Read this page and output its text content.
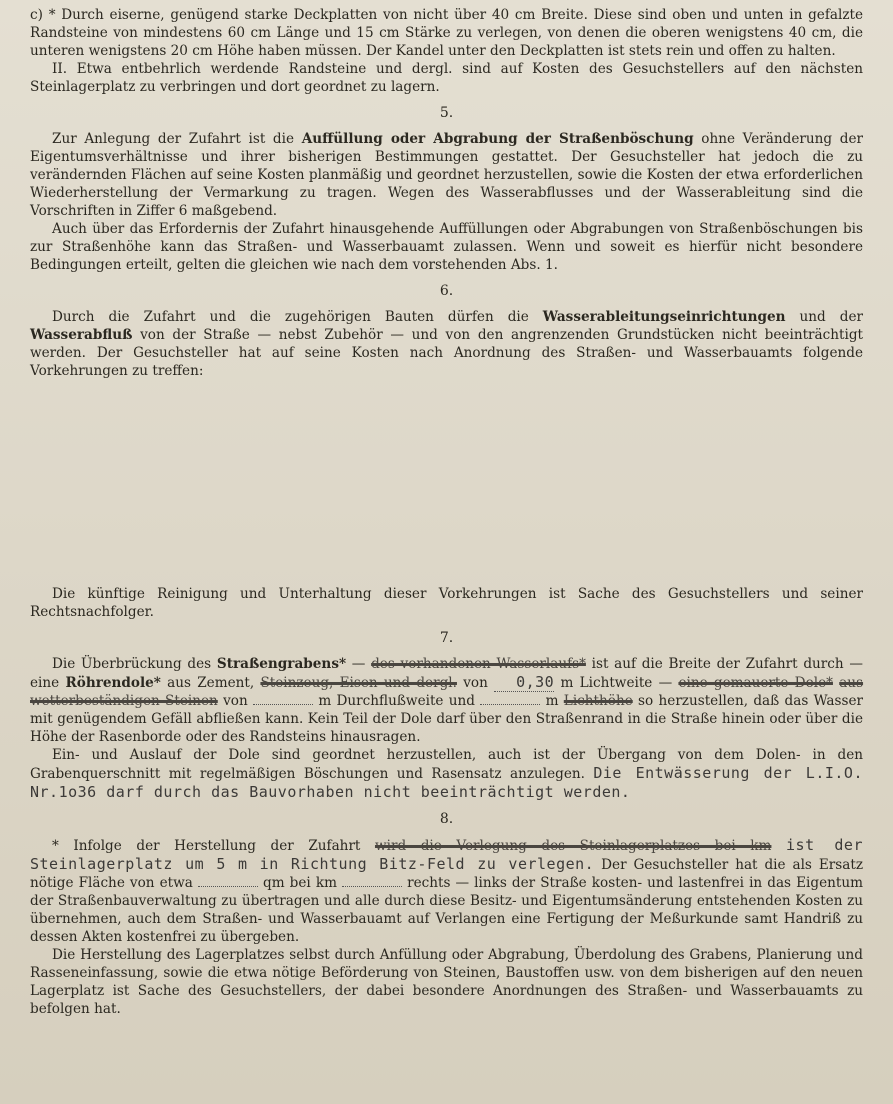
c) * Durch eiserne, genügend starke Deckplatten von nicht über 40 cm Breite. Diese sind oben und unten in gefalzte Randsteine von mindestens 60 cm Länge und 15 cm Stärke zu verlegen, von denen die oberen wenigstens 40 cm, die unteren wenigstens 20 cm Höhe haben müssen. Der Kandel unter den Deckplatten ist stets rein und offen zu halten.

II. Etwa entbehrlich werdende Randsteine und dergl. sind auf Kosten des Gesuchstellers auf den nächsten Steinlagerplatz zu verbringen und dort geordnet zu lagern.

5.

Zur Anlegung der Zufahrt ist die Auffüllung oder Abgrabung der Straßenböschung ohne Veränderung der Eigentumsverhältnisse und ihrer bisherigen Bestimmungen gestattet. Der Gesuchsteller hat jedoch die zu verändernden Flächen auf seine Kosten planmäßig und geordnet herzustellen, sowie die Kosten der etwa erforderlichen Wiederherstellung der Vermarkung zu tragen. Wegen des Wasserabflusses und der Wasserableitung sind die Vorschriften in Ziffer 6 maßgebend.

Auch über das Erfordernis der Zufahrt hinausgehende Auffüllungen oder Abgrabungen von Straßenböschungen bis zur Straßenhöhe kann das Straßen- und Wasserbauamt zulassen. Wenn und soweit es hierfür nicht besondere Bedingungen erteilt, gelten die gleichen wie nach dem vorstehenden Abs. 1.

6.

Durch die Zufahrt und die zugehörigen Bauten dürfen die Wasserableitungseinrichtungen und der Wasserabfluß von der Straße — nebst Zubehör — und von den angrenzenden Grundstücken nicht beeinträchtigt werden. Der Gesuchsteller hat auf seine Kosten nach Anordnung des Straßen- und Wasserbauamts folgende Vorkehrungen zu treffen:

Die künftige Reinigung und Unterhaltung dieser Vorkehrungen ist Sache des Gesuchstellers und seiner Rechtsnachfolger.

7.

Die Überbrückung des Straßengrabens* — des vorhandenen Wasserlaufs* ist auf die Breite der Zufahrt durch — eine Röhrendole* aus Zement, Steinzeug, Eisen und dergl. von 0,30 m Lichtweite — eine gemauerte Dole* aus wetterbeständigen Steinen von	m Durchflußweite und	m Lichthöhe so herzustellen, daß das Wasser mit genügendem Gefäll abfließen kann. Kein Teil der Dole darf über den Straßenrand in die Straße hinein oder über die Höhe der Rasenborde oder des Randsteins hinausragen.

Ein- und Auslauf der Dole sind geordnet herzustellen, auch ist der Übergang von dem Dolen- in den Grabenquerschnitt mit regelmäßigen Böschungen und Rasensatz anzulegen. Die Entwässerung der L.I.O. Nr.1o36 darf durch das Bauvorhaben nicht beeinträchtigt werden.

8.

* Infolge der Herstellung der Zufahrt wird die Verlegung des Steinlagerplatzes bei km ist der Steinlagerplatz um 5 m in Richtung Bitz-Feld zu verlegen. Der Gesuchsteller hat die als Ersatz nötige Fläche von etwa	qm bei km	rechts — links der Straße kosten- und lastenfrei in das Eigentum der Straßenbauverwaltung zu übertragen und alle durch diese Besitz- und Eigentumsänderung entstehenden Kosten zu übernehmen, auch dem Straßen- und Wasserbauamt auf Verlangen eine Fertigung der Meßurkunde samt Handriß zu dessen Akten kostenfrei zu übergeben.

Die Herstellung des Lagerplatzes selbst durch Anfüllung oder Abgrabung, Überdolung des Grabens, Planierung und Rasseneinfassung, sowie die etwa nötige Beförderung von Steinen, Baustoffen usw. von dem bisherigen auf den neuen Lagerplatz ist Sache des Gesuchstellers, der dabei besondere Anordnungen des Straßen- und Wasserbauamts zu befolgen hat.
